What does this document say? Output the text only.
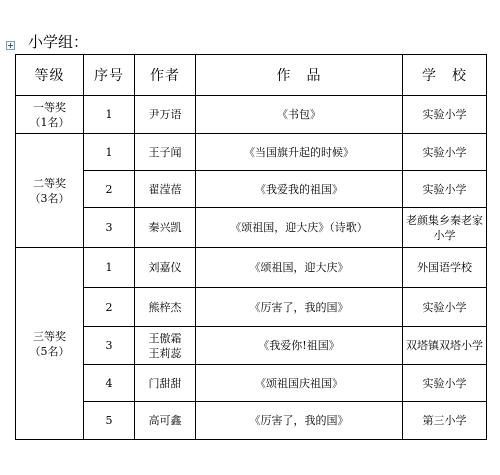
小学组：
等级	序号	作者	作　品	学　校

一等奖
（1名）	1	尹万语	《书包》	实验小学

二等奖
（3名）	1	王子闻	《当国旗升起的时候》	实验小学

	2	翟滢蓓	《我爱我的祖国》	实验小学

	3	秦兴凯	《颂祖国，迎大庆》（诗歌）	老颜集乡秦老家
小学

三等奖
（5名）	1	刘嘉仪	《颂祖国，迎大庆》	外国语学校

	2	熊梓杰	《厉害了，我的国》	实验小学

	3	王傲霜
王莉蕊	《我爱你!祖国》	双塔镇双塔小学

	4	门甜甜	《颂祖国庆祖国》	实验小学

	5	高可鑫	《厉害了，我的国》	第三小学
